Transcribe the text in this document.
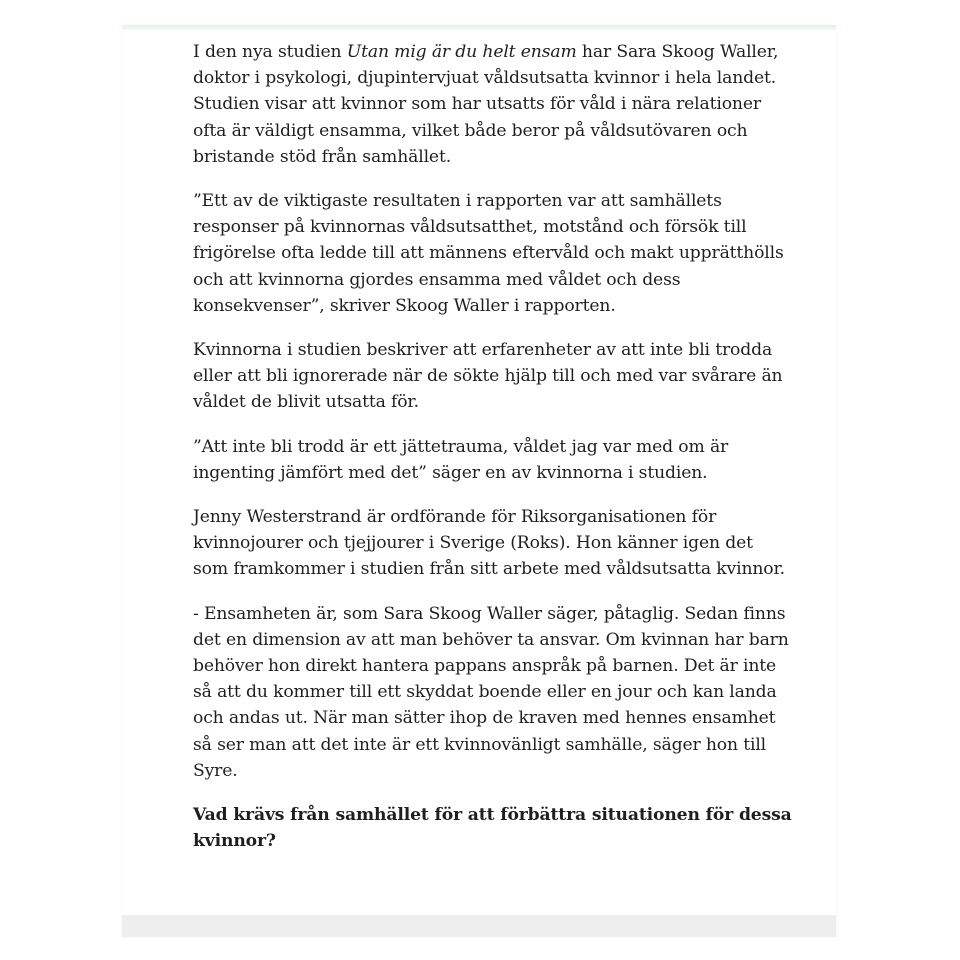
I den nya studien Utan mig är du helt ensam har Sara Skoog Waller, doktor i psykologi, djupintervjuat våldsutsatta kvinnor i hela landet. Studien visar att kvinnor som har utsatts för våld i nära relationer ofta är väldigt ensamma, vilket både beror på våldsutövaren och bristande stöd från samhället.

”Ett av de viktigaste resultaten i rapporten var att samhällets responser på kvinnornas våldsutsatthet, motstånd och försök till frigörelse ofta ledde till att männens eftervåld och makt upprätthölls och att kvinnorna gjordes ensamma med våldet och dess konsekvenser”, skriver Skoog Waller i rapporten.

Kvinnorna i studien beskriver att erfarenheter av att inte bli trodda eller att bli ignorerade när de sökte hjälp till och med var svårare än våldet de blivit utsatta för.

”Att inte bli trodd är ett jättetrauma, våldet jag var med om är ingenting jämfört med det” säger en av kvinnorna i studien.

Jenny Westerstrand är ordförande för Riksorganisationen för kvinnojourer och tjejjourer i Sverige (Roks). Hon känner igen det som framkommer i studien från sitt arbete med våldsutsatta kvinnor.

- Ensamheten är, som Sara Skoog Waller säger, påtaglig. Sedan finns det en dimension av att man behöver ta ansvar. Om kvinnan har barn behöver hon direkt hantera pappans anspråk på barnen. Det är inte så att du kommer till ett skyddat boende eller en jour och kan landa och andas ut. När man sätter ihop de kraven med hennes ensamhet så ser man att det inte är ett kvinnovänligt samhälle, säger hon till Syre.

Vad krävs från samhället för att förbättra situationen för dessa kvinnor?
